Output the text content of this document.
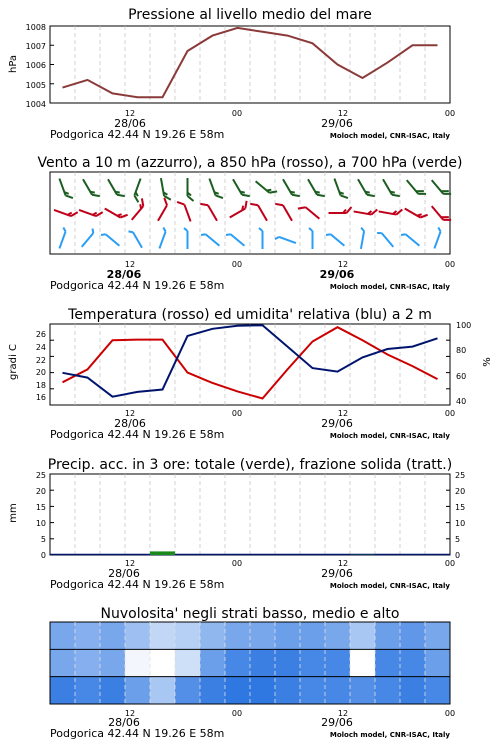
Pressione al livello medio del mare
hPa
1008
1007
1006
1005
1004
12	00	12	00
28/06	29/06
Podgorica 42.44 N 19.26 E 58m	Moloch model, CNR-ISAC, Italy
Vento a 10 m (azzurro), a 850 hPa (rosso), a 700 hPa (verde)
12	00	12	00
28/06	29/06
Podgorica 42.44 N 19.26 E 58m	Moloch model, CNR-ISAC, Italy
Temperatura (rosso) ed umidita' relativa (blu) a 2 m
gradi C	%
26
24
22
20
18
16
100
80
60
40
12	00	12	00
28/06	29/06
Podgorica 42.44 N 19.26 E 58m	Moloch model, CNR-ISAC, Italy
Precip. acc. in 3 ore: totale (verde), frazione solida (tratt.)
mm
25
20
15
10
5
0
25
20
15
10
5
0
12	00	12	00
28/06	29/06
Podgorica 42.44 N 19.26 E 58m	Moloch model, CNR-ISAC, Italy
Nuvolosita' negli strati basso, medio e alto
12	00	12	00
28/06	29/06
Podgorica 42.44 N 19.26 E 58m	Moloch model, CNR-ISAC, Italy
